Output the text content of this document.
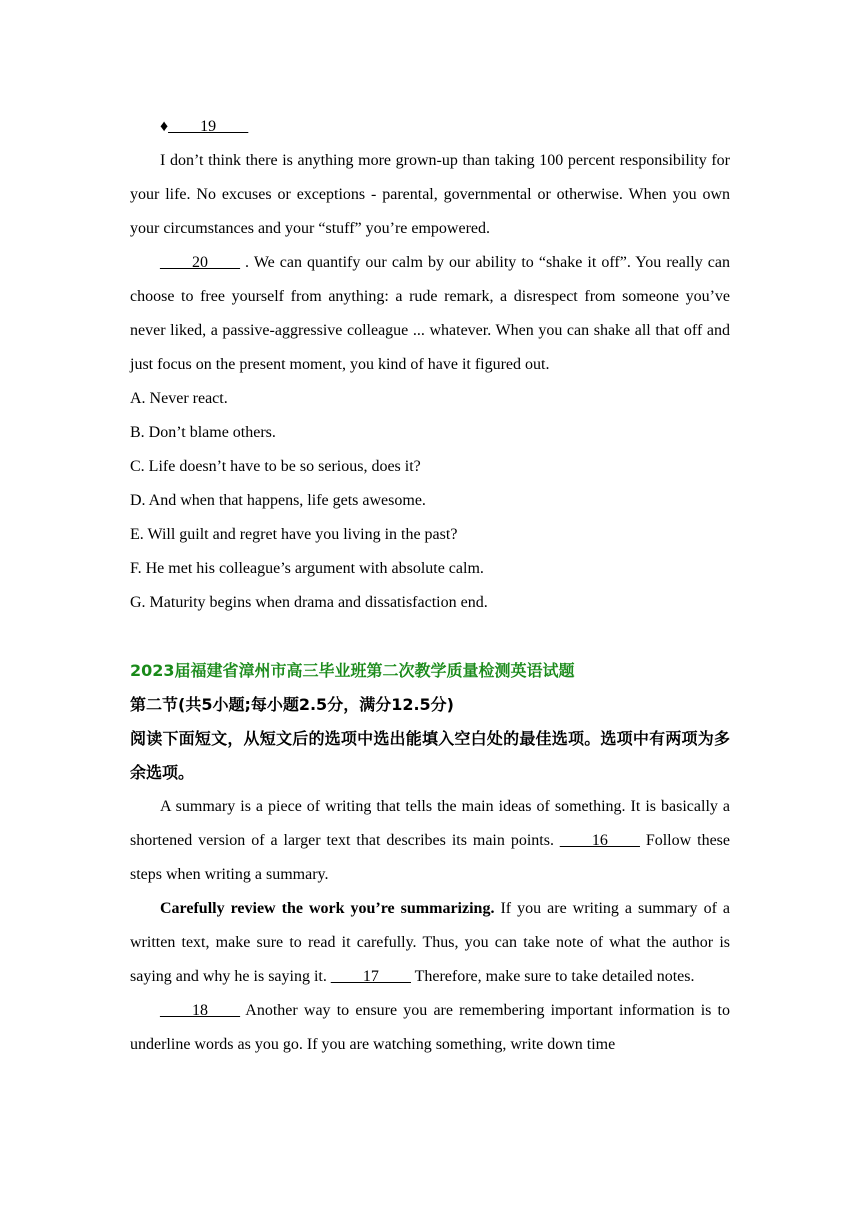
♦____19____

I don’t think there is anything more grown-up than taking 100 percent responsibility for your life. No excuses or exceptions - parental, governmental or otherwise. When you own your circumstances and your “stuff” you’re empowered.

____20____ . We can quantify our calm by our ability to “shake it off”. You really can choose to free yourself from anything: a rude remark, a disrespect from someone you’ve never liked, a passive-aggressive colleague ... whatever. When you can shake all that off and just focus on the present moment, you kind of have it figured out.

A. Never react.

B. Don’t blame others.

C. Life doesn’t have to be so serious, does it?

D. And when that happens, life gets awesome.

E. Will guilt and regret have you living in the past?

F. He met his colleague’s argument with absolute calm.

G. Maturity begins when drama and dissatisfaction end.

2023届福建省漳州市高三毕业班第二次教学质量检测英语试题

第二节(共5小题;每小题2.5分，满分12.5分)

阅读下面短文，从短文后的选项中选出能填入空白处的最佳选项。选项中有两项为多余选项。

A summary is a piece of writing that tells the main ideas of something. It is basically a shortened version of a larger text that describes its main points. ____16____ Follow these steps when writing a summary.

Carefully review the work you’re summarizing. If you are writing a summary of a written text, make sure to read it carefully. Thus, you can take note of what the author is saying and why he is saying it. ____17____ Therefore, make sure to take detailed notes.

____18____ Another way to ensure you are remembering important information is to underline words as you go. If you are watching something, write down time
